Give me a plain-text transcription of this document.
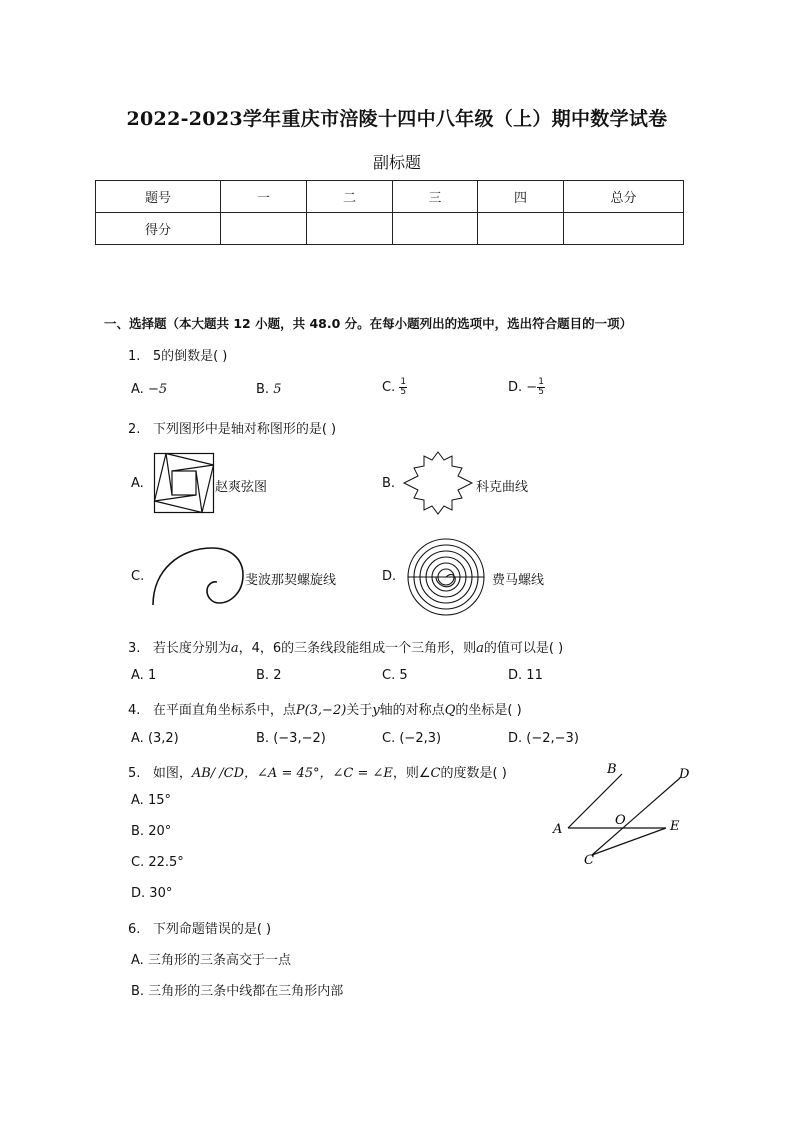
2022-2023学年重庆市涪陵十四中八年级（上）期中数学试卷
副标题
题号	一	二	三	四	总分
得分					
一、选择题（本大题共 12 小题，共 48.0 分。在每小题列出的选项中，选出符合题目的一项）
1. 5的倒数是( )
A. −5	B. 5	C. $\frac{1}{5}$	D. − $\frac{1}{5}$
2. 下列图形中是轴对称图形的是( )
A.	赵爽弦图	B.	科克曲线
C.	斐波那契螺旋线	D.	费马螺线
3. 若长度分别为a，4，6的三条线段能组成一个三角形，则a的值可以是( )
A. 1	B. 2	C. 5	D. 11
4. 在平面直角坐标系中，点P(3,−2)关于y轴的对称点Q的坐标是( )
A. (3,2)	B. (−3,−2)	C. (−2,3)	D. (−2,−3)
5. 如图，AB/ /CD，∠A = 45°，∠C = ∠E，则∠C的度数是( )
A. 15°
B. 20°
C. 22.5°
D. 30°
A
B
C
D
E
O
6. 下列命题错误的是( )
A. 三角形的三条高交于一点
B. 三角形的三条中线都在三角形内部
